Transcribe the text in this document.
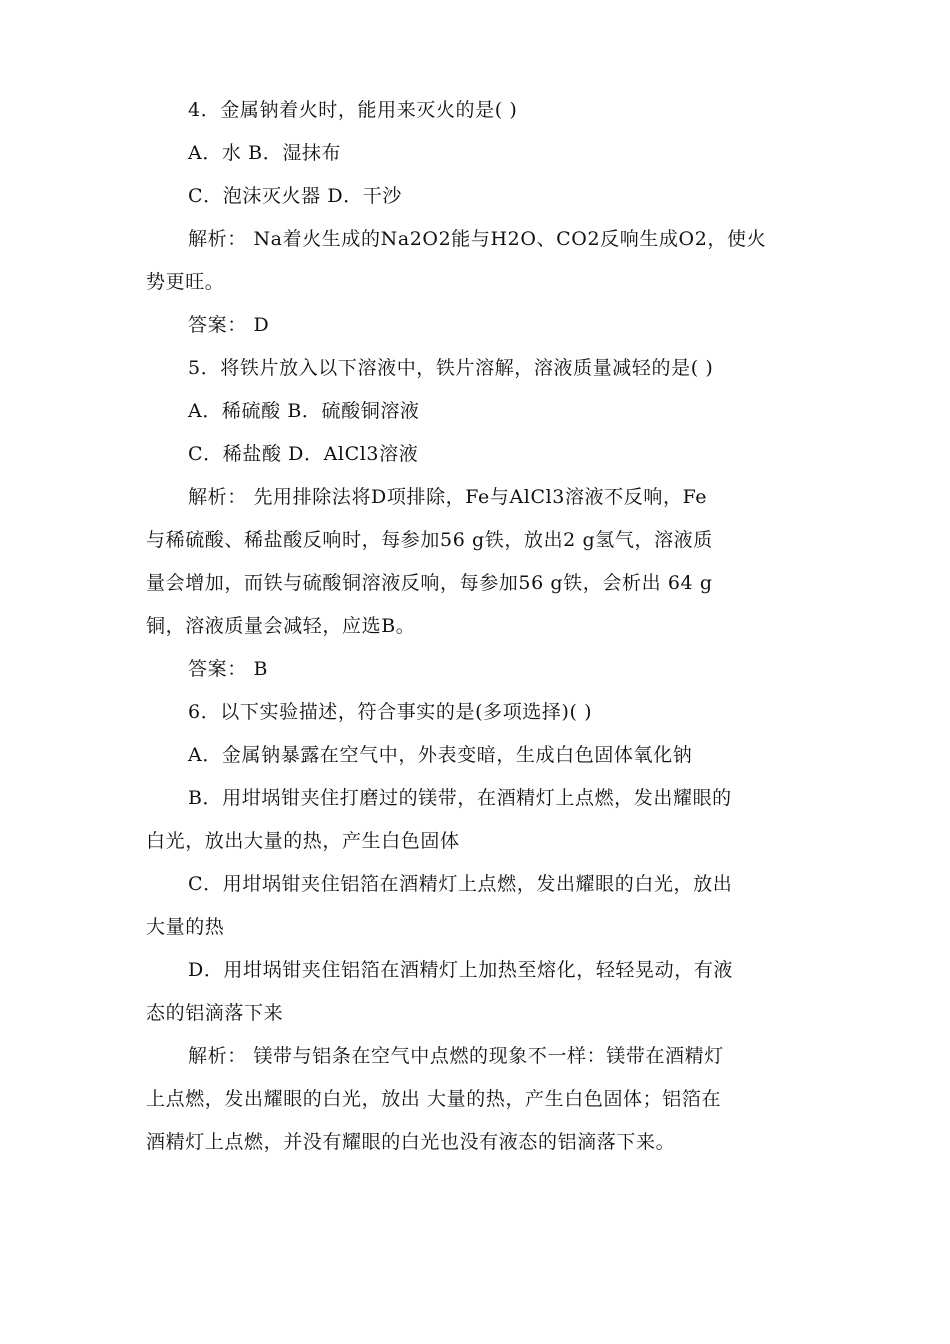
4．金属钠着火时，能用来灭火的是( )
A．水 B．湿抹布
C．泡沫灭火器 D．干沙
解析： Na着火生成的Na2O2能与H2O、CO2反响生成O2，使火
势更旺。
答案： D
5．将铁片放入以下溶液中，铁片溶解，溶液质量减轻的是( )
A．稀硫酸 B．硫酸铜溶液
C．稀盐酸 D．AlCl3溶液
解析： 先用排除法将D项排除，Fe与AlCl3溶液不反响，Fe
与稀硫酸、稀盐酸反响时，每参加56 g铁，放出2 g氢气，溶液质
量会增加，而铁与硫酸铜溶液反响，每参加56 g铁，会析出 64 g
铜，溶液质量会减轻，应选B。
答案： B
6．以下实验描述，符合事实的是(多项选择)( )
A．金属钠暴露在空气中，外表变暗，生成白色固体氧化钠
B．用坩埚钳夹住打磨过的镁带，在酒精灯上点燃，发出耀眼的
白光，放出大量的热，产生白色固体
C．用坩埚钳夹住铝箔在酒精灯上点燃，发出耀眼的白光，放出
大量的热
D．用坩埚钳夹住铝箔在酒精灯上加热至熔化，轻轻晃动，有液
态的铝滴落下来
解析： 镁带与铝条在空气中点燃的现象不一样：镁带在酒精灯
上点燃，发出耀眼的白光，放出 大量的热，产生白色固体；铝箔在
酒精灯上点燃，并没有耀眼的白光也没有液态的铝滴落下来。
